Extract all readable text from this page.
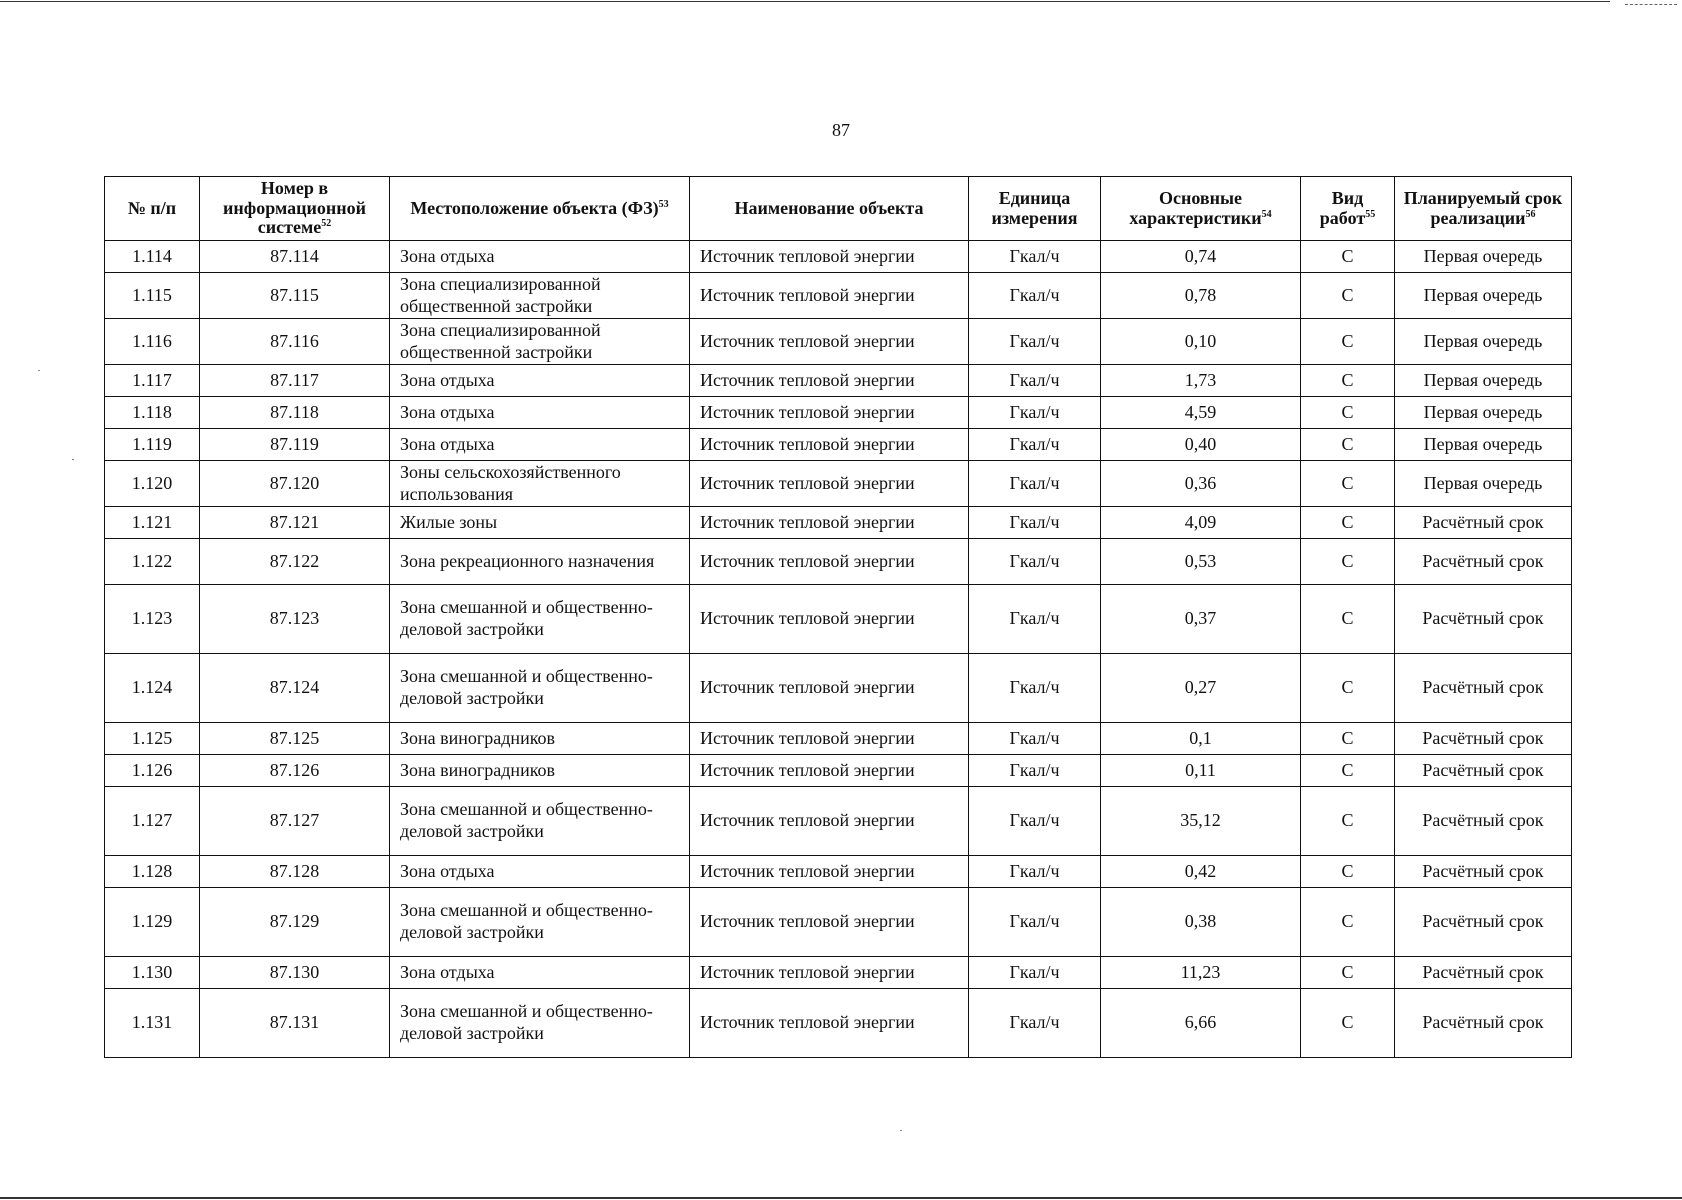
87
№ п/п	Номер в информационной системе$^{52}$	Местоположение объекта (ФЗ)$^{53}$	Наименование объекта	Единица измерения	Основные характеристики$^{54}$	Вид работ$^{55}$	Планируемый срок реализации$^{56}$
1.114	87.114	Зона отдыха	Источник тепловой энергии	Гкал/ч	0,74	С	Первая очередь
1.115	87.115	Зона специализированной общественной застройки	Источник тепловой энергии	Гкал/ч	0,78	С	Первая очередь
1.116	87.116	Зона специализированной общественной застройки	Источник тепловой энергии	Гкал/ч	0,10	С	Первая очередь
1.117	87.117	Зона отдыха	Источник тепловой энергии	Гкал/ч	1,73	С	Первая очередь
1.118	87.118	Зона отдыха	Источник тепловой энергии	Гкал/ч	4,59	С	Первая очередь
1.119	87.119	Зона отдыха	Источник тепловой энергии	Гкал/ч	0,40	С	Первая очередь
1.120	87.120	Зоны сельскохозяйственного использования	Источник тепловой энергии	Гкал/ч	0,36	С	Первая очередь
1.121	87.121	Жилые зоны	Источник тепловой энергии	Гкал/ч	4,09	С	Расчётный срок
1.122	87.122	Зона рекреационного назначения	Источник тепловой энергии	Гкал/ч	0,53	С	Расчётный срок
1.123	87.123	Зона смешанной и общественно-деловой застройки	Источник тепловой энергии	Гкал/ч	0,37	С	Расчётный срок
1.124	87.124	Зона смешанной и общественно-деловой застройки	Источник тепловой энергии	Гкал/ч	0,27	С	Расчётный срок
1.125	87.125	Зона виноградников	Источник тепловой энергии	Гкал/ч	0,1	С	Расчётный срок
1.126	87.126	Зона виноградников	Источник тепловой энергии	Гкал/ч	0,11	С	Расчётный срок
1.127	87.127	Зона смешанной и общественно-деловой застройки	Источник тепловой энергии	Гкал/ч	35,12	С	Расчётный срок
1.128	87.128	Зона отдыха	Источник тепловой энергии	Гкал/ч	0,42	С	Расчётный срок
1.129	87.129	Зона смешанной и общественно-деловой застройки	Источник тепловой энергии	Гкал/ч	0,38	С	Расчётный срок
1.130	87.130	Зона отдыха	Источник тепловой энергии	Гкал/ч	11,23	С	Расчётный срок
1.131	87.131	Зона смешанной и общественно-деловой застройки	Источник тепловой энергии	Гкал/ч	6,66	С	Расчётный срок
